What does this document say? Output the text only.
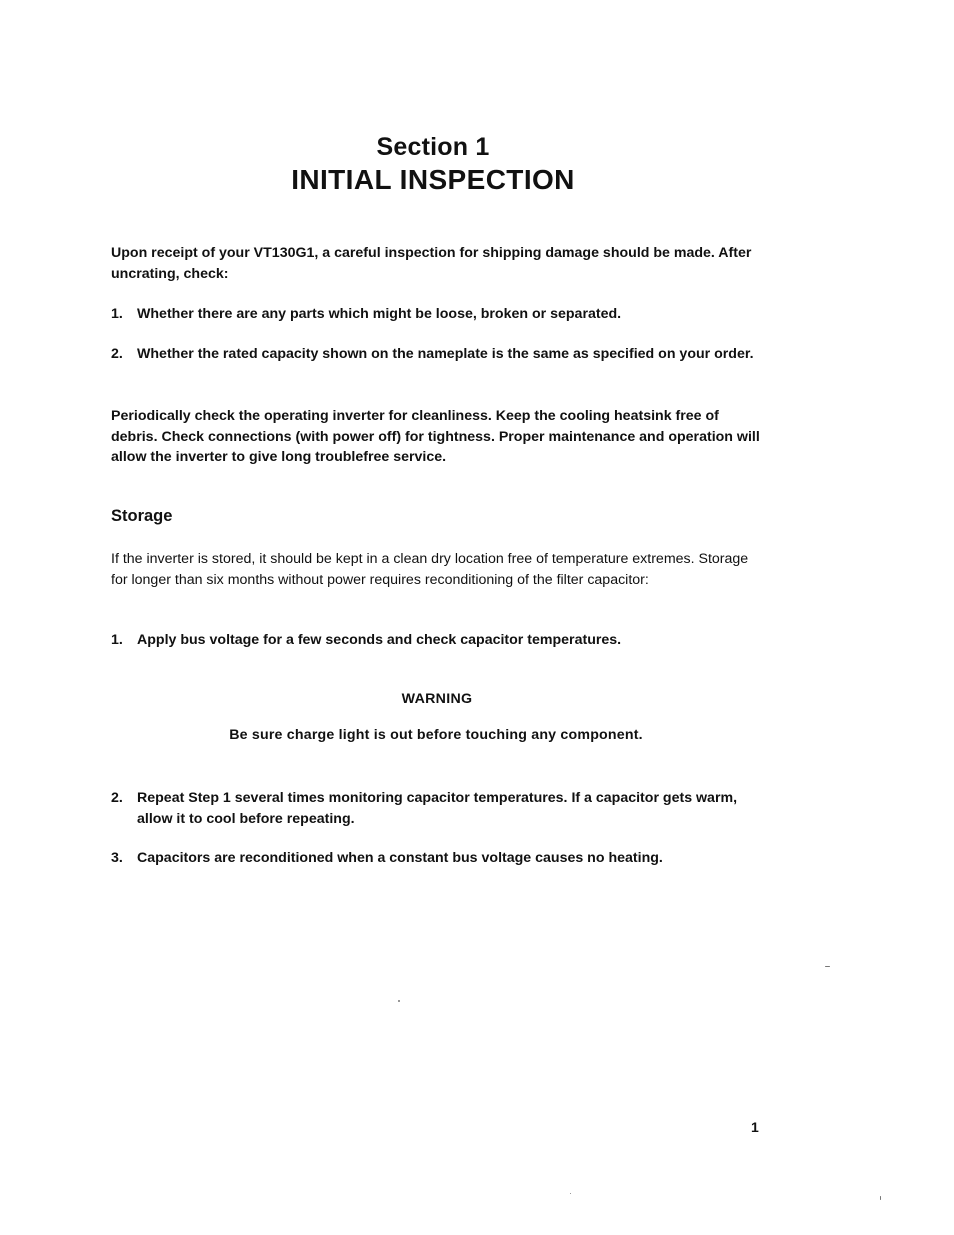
Section 1
INITIAL INSPECTION
Upon receipt of your VT130G1, a careful inspection for shipping damage should be made. After uncrating, check:
1. Whether there are any parts which might be loose, broken or separated.
2. Whether the rated capacity shown on the nameplate is the same as specified on your order.
Periodically check the operating inverter for cleanliness. Keep the cooling heatsink free of debris. Check connections (with power off) for tightness. Proper maintenance and operation will allow the inverter to give long troublefree service.
Storage
If the inverter is stored, it should be kept in a clean dry location free of temperature extremes. Storage for longer than six months without power requires reconditioning of the filter capacitor:
1. Apply bus voltage for a few seconds and check capacitor temperatures.
WARNING
Be sure charge light is out before touching any component.
2. Repeat Step 1 several times monitoring capacitor temperatures. If a capacitor gets warm, allow it to cool before repeating.
3. Capacitors are reconditioned when a constant bus voltage causes no heating.
1
